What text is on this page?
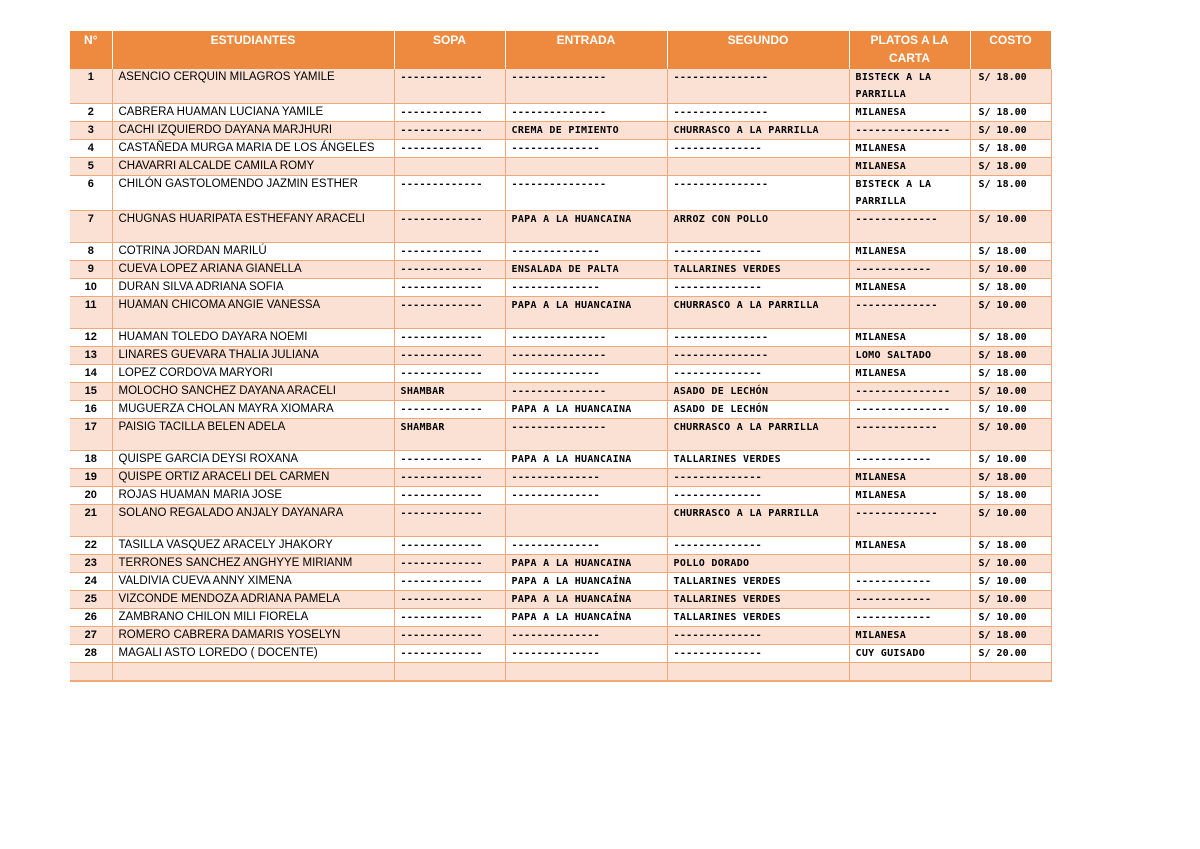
N°	ESTUDIANTES	SOPA	ENTRADA	SEGUNDO	PLATOS A LA CARTA	COSTO
1	ASENCIO CERQUIN MILAGROS YAMILE	-------------	---------------	---------------	BISTECK A LA PARRILLA	S/ 18.00
2	CABRERA HUAMAN LUCIANA YAMILE	-------------	---------------	---------------	MILANESA	S/ 18.00
3	CACHI IZQUIERDO DAYANA MARJHURI	-------------	CREMA DE PIMIENTO	CHURRASCO A LA PARRILLA	---------------	S/ 10.00
4	CASTAÑEDA MURGA MARIA DE LOS ÁNGELES	-------------	--------------	--------------	MILANESA	S/ 18.00
5	CHAVARRI ALCALDE CAMILA ROMY				MILANESA	S/ 18.00
6	CHILÓN GASTOLOMENDO JAZMIN ESTHER	-------------	---------------	---------------	BISTECK A LA PARRILLA	S/ 18.00
7	CHUGNAS HUARIPATA ESTHEFANY ARACELI	-------------	PAPA A LA HUANCAINA	ARROZ CON POLLO	-------------	S/ 10.00
8	COTRINA JORDAN MARILÚ	-------------	--------------	--------------	MILANESA	S/ 18.00
9	CUEVA LOPEZ ARIANA GIANELLA	-------------	ENSALADA DE PALTA	TALLARINES VERDES	------------	S/ 10.00
10	DURAN SILVA ADRIANA SOFIA	-------------	--------------	--------------	MILANESA	S/ 18.00
11	HUAMAN CHICOMA ANGIE VANESSA	-------------	PAPA A LA HUANCAINA	CHURRASCO A LA PARRILLA	-------------	S/ 10.00
12	HUAMAN TOLEDO DAYARA NOEMI	-------------	---------------	---------------	MILANESA	S/ 18.00
13	LINARES GUEVARA THALIA JULIANA	-------------	---------------	---------------	LOMO SALTADO	S/ 18.00
14	LOPEZ CORDOVA MARYORI	-------------	--------------	--------------	MILANESA	S/ 18.00
15	MOLOCHO SANCHEZ DAYANA ARACELI	SHAMBAR	---------------	ASADO DE LECHÓN	---------------	S/ 10.00
16	MUGUERZA CHOLAN MAYRA XIOMARA	-------------	PAPA A LA HUANCAINA	ASADO DE LECHÓN	---------------	S/ 10.00
17	PAISIG TACILLA BELEN ADELA	SHAMBAR	---------------	CHURRASCO A LA PARRILLA	-------------	S/ 10.00
18	QUISPE GARCIA DEYSI ROXANA	-------------	PAPA A LA HUANCAINA	TALLARINES VERDES	------------	S/ 10.00
19	QUISPE ORTIZ ARACELI DEL CARMEN	-------------	--------------	--------------	MILANESA	S/ 18.00
20	ROJAS HUAMAN MARIA JOSE	-------------	--------------	--------------	MILANESA	S/ 18.00
21	SOLANO REGALADO ANJALY DAYANARA	-------------		CHURRASCO A LA PARRILLA	-------------	S/ 10.00
22	TASILLA VASQUEZ ARACELY JHAKORY	-------------	--------------	--------------	MILANESA	S/ 18.00
23	TERRONES SANCHEZ ANGHYYE MIRIANM	-------------	PAPA A LA HUANCAINA	POLLO DORADO		S/ 10.00
24	VALDIVIA CUEVA ANNY XIMENA	-------------	PAPA A LA HUANCAÍNA	TALLARINES VERDES	------------	S/ 10.00
25	VIZCONDE MENDOZA ADRIANA PAMELA	-------------	PAPA A LA HUANCAÍNA	TALLARINES VERDES	------------	S/ 10.00
26	ZAMBRANO CHILON MILI FIORELA	-------------	PAPA A LA HUANCAÍNA	TALLARINES VERDES	------------	S/ 10.00
27	ROMERO CABRERA DAMARIS YOSELYN	-------------	--------------	--------------	MILANESA	S/ 18.00
28	MAGALI ASTO LOREDO ( DOCENTE)	-------------	--------------	--------------	CUY GUISADO	S/ 20.00
